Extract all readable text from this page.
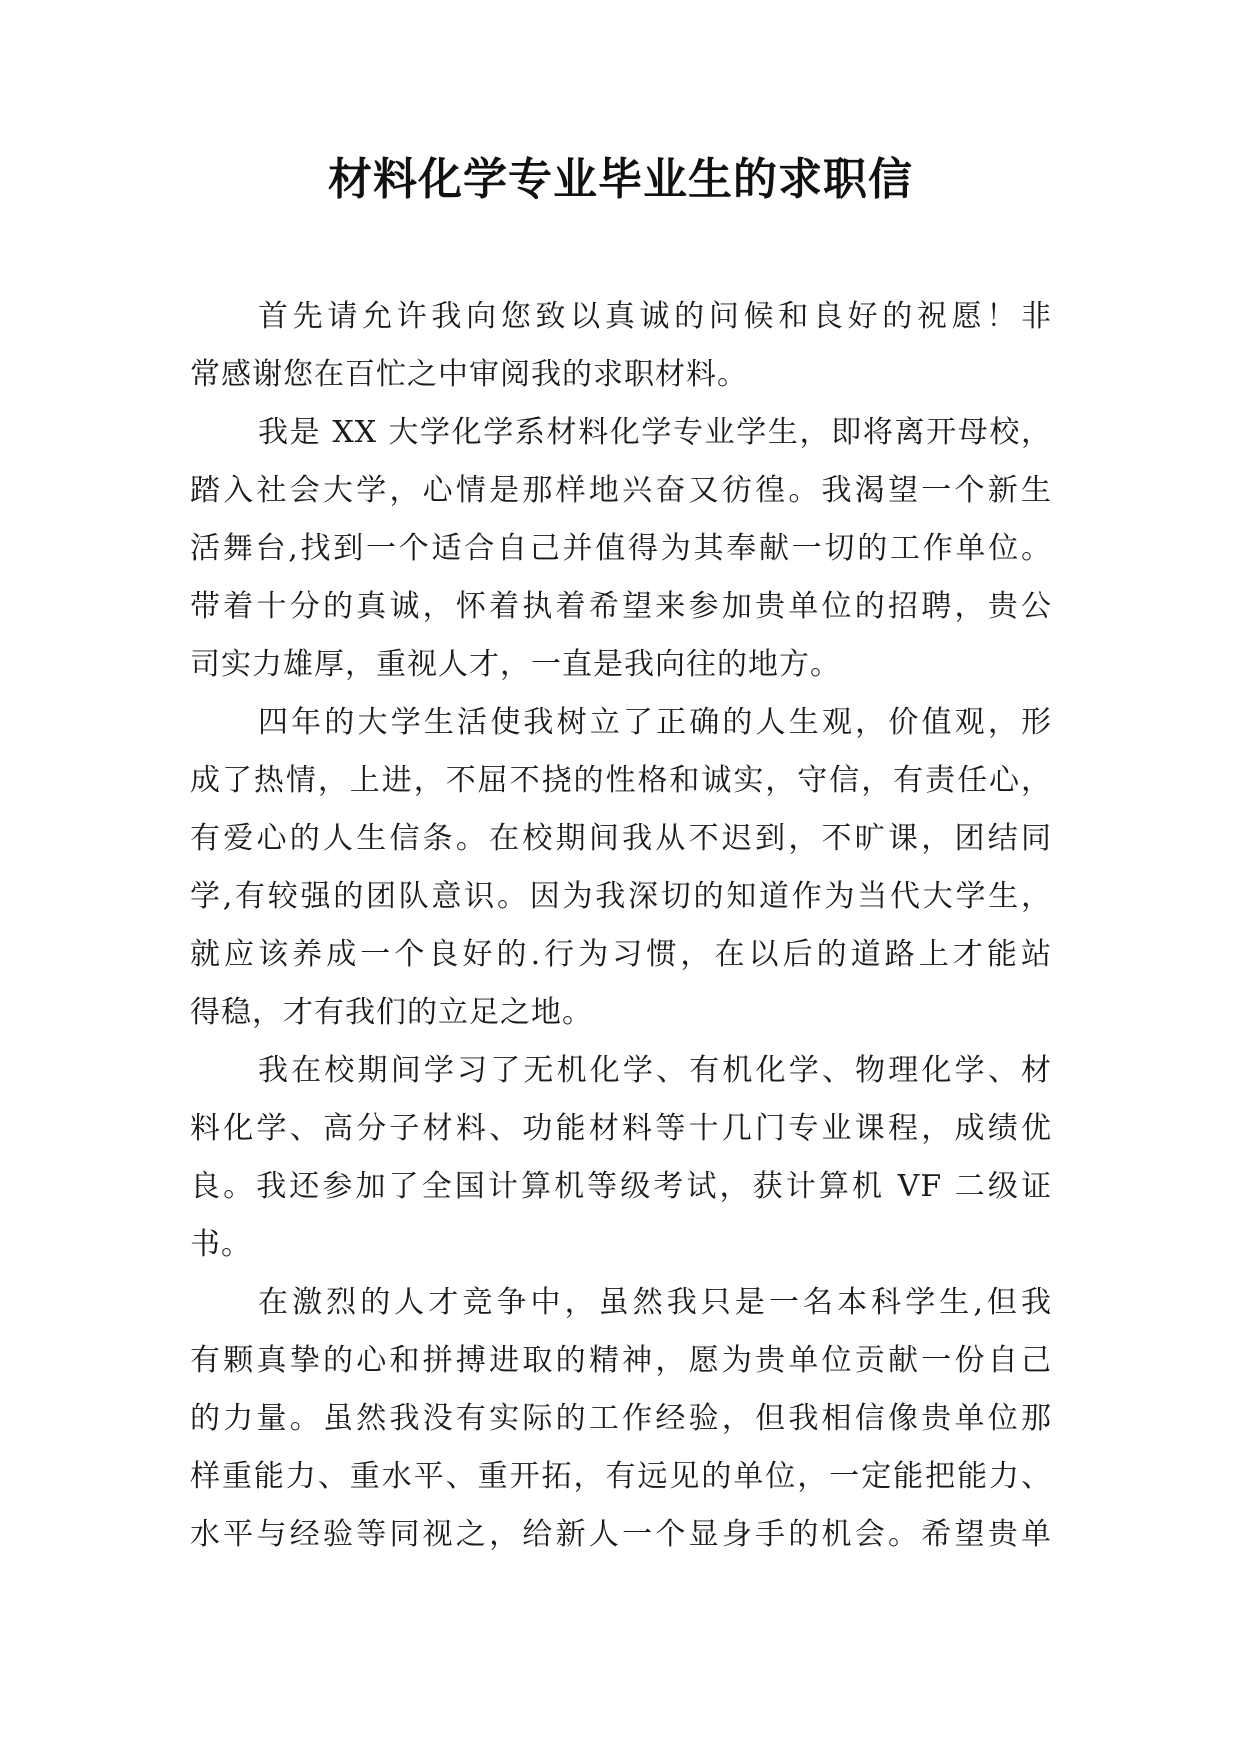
材料化学专业毕业生的求职信
首先请允许我向您致以真诚的问候和良好的祝愿！非
常感谢您在百忙之中审阅我的求职材料。
我是 XX 大学化学系材料化学专业学生，即将离开母校，
踏入社会大学，心情是那样地兴奋又彷徨。我渴望一个新生
活舞台,找到一个适合自己并值得为其奉献一切的工作单位。
带着十分的真诚，怀着执着希望来参加贵单位的招聘，贵公
司实力雄厚，重视人才，一直是我向往的地方。
四年的大学生活使我树立了正确的人生观，价值观，形
成了热情，上进，不屈不挠的性格和诚实，守信，有责任心，
有爱心的人生信条。在校期间我从不迟到，不旷课，团结同
学,有较强的团队意识。因为我深切的知道作为当代大学生，
就应该养成一个良好的.行为习惯，在以后的道路上才能站
得稳，才有我们的立足之地。
我在校期间学习了无机化学、有机化学、物理化学、材
料化学、高分子材料、功能材料等十几门专业课程，成绩优
良。我还参加了全国计算机等级考试，获计算机 VF 二级证
书。
在激烈的人才竞争中，虽然我只是一名本科学生,但我
有颗真挚的心和拼搏进取的精神，愿为贵单位贡献一份自己
的力量。虽然我没有实际的工作经验，但我相信像贵单位那
样重能力、重水平、重开拓，有远见的单位，一定能把能力、
水平与经验等同视之，给新人一个显身手的机会。希望贵单
